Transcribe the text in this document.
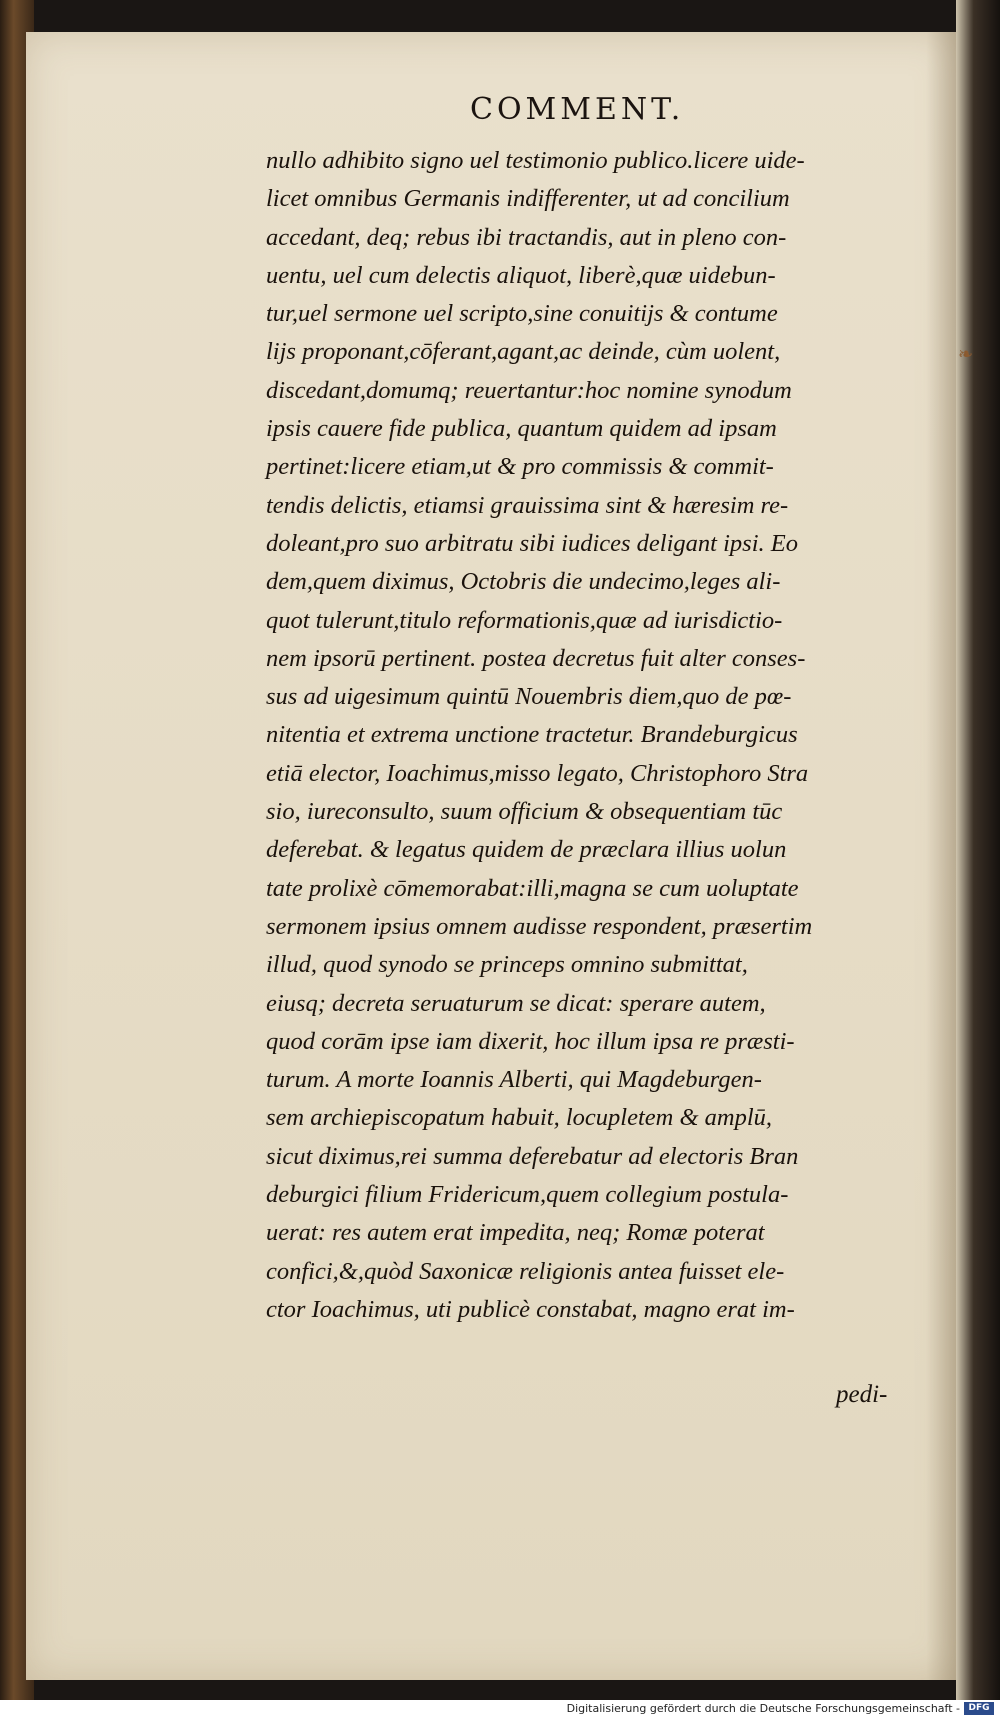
COMMENT.
nullo adhibito signo uel testimonio publico.licere uide-
licet omnibus Germanis indifferenter, ut ad concilium
accedant, deq; rebus ibi tractandis, aut in pleno con-
uentu, uel cum delectis aliquot, liberè,quæ uidebun-
tur,uel sermone uel scripto,sine conuitijs & contume
lijs proponant,cōferant,agant,ac deinde, cùm uolent,
discedant,domumq; reuertantur:hoc nomine synodum
ipsis cauere fide publica, quantum quidem ad ipsam
pertinet:licere etiam,ut & pro commissis & commit-
tendis delictis, etiamsi grauissima sint & hæresim re-
doleant,pro suo arbitratu sibi iudices deligant ipsi. Eo
dem,quem diximus, Octobris die undecimo,leges ali-
quot tulerunt,titulo reformationis,quæ ad iurisdictio-
nem ipsorū pertinent. postea decretus fuit alter conses-
sus ad uigesimum quintū Nouembris diem,quo de pœ-
nitentia et extrema unctione tractetur. Brandeburgicus
etiā elector, Ioachimus,misso legato, Christophoro Stra
sio, iureconsulto, suum officium & obsequentiam tūc
deferebat. & legatus quidem de præclara illius uolun
tate prolixè cōmemorabat:illi,magna se cum uoluptate
sermonem ipsius omnem audisse respondent, præsertim
illud, quod synodo se princeps omnino submittat,
eiusq; decreta seruaturum se dicat: sperare autem,
quod corām ipse iam dixerit, hoc illum ipsa re præsti-
turum. A morte Ioannis Alberti, qui Magdeburgen-
sem archiepiscopatum habuit, locupletem & amplū,
sicut diximus,rei summa deferebatur ad electoris Bran
deburgici filium Fridericum,quem collegium postula-
uerat: res autem erat impedita, neq; Romæ poterat
confici,&,quòd Saxonicæ religionis antea fuisset ele-
ctor Ioachimus, uti publicè constabat, magno erat im-
pedi-
❧
Digitalisierung gefördert durch die Deutsche Forschungsgemeinschaft - DFG
